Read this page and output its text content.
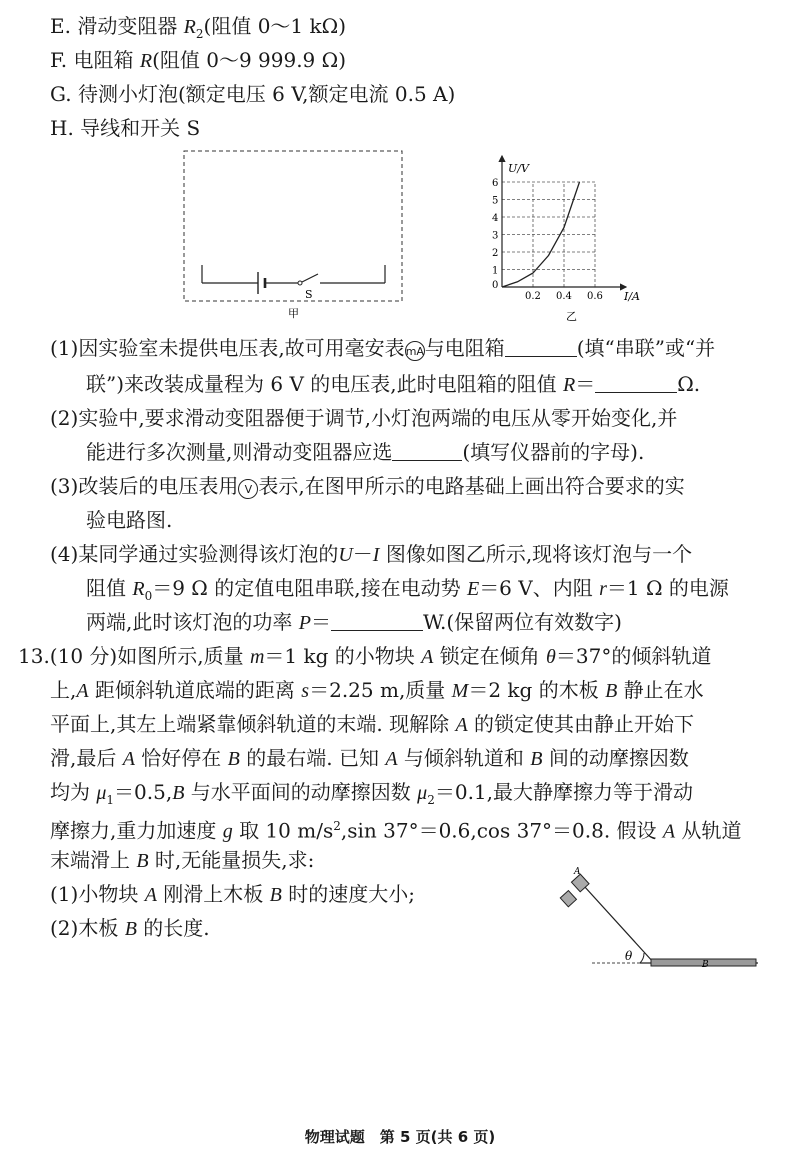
E. 滑动变阻器 $R_2$(阻值 0～1 kΩ)
F. 电阻箱 R(阻值 0～9 999.9 Ω)
G. 待测小灯泡(额定电压 6 V,额定电流 0.5 A)
H. 导线和开关 S
S
甲
0.2 0.4 0.6
0
1
2
3
4
5
6
U/V
I/A
乙
(1)因实验室未提供电压表,故可用毫安表mA与电阻箱	(填“串联”或“并
联”)来改装成量程为 6 V 的电压表,此时电阻箱的阻值 R＝	Ω.
(2)实验中,要求滑动变阻器便于调节,小灯泡两端的电压从零开始变化,并
能进行多次测量,则滑动变阻器应选	(填写仪器前的字母).
(3)改装后的电压表用 V 表示,在图甲所示的电路基础上画出符合要求的实
验电路图.
(4)某同学通过实验测得该灯泡的U－I 图像如图乙所示,现将该灯泡与一个
阻值 $R_0=9$ Ω 的定值电阻串联,接在电动势 E＝6 V、内阻 r＝1 Ω 的电源
两端,此时该灯泡的功率 P＝	W.(保留两位有效数字)
13.(10 分)如图所示,质量 m＝1 kg 的小物块 A 锁定在倾角 θ＝37°的倾斜轨道
上,A 距倾斜轨道底端的距离 s＝2.25 m,质量 M＝2 kg 的木板 B 静止在水
平面上,其左上端紧靠倾斜轨道的末端. 现解除 A 的锁定使其由静止开始下
滑,最后 A 恰好停在 B 的最右端. 已知 A 与倾斜轨道和 B 间的动摩擦因数
均为 $\mu_1=0.5,B$ 与水平面间的动摩擦因数 $\mu_2=0.1$,最大静摩擦力等于滑动
摩擦力,重力加速度 g 取 10 $m/s^2,\sin$ 37°＝0.6,cos 37°＝0.8. 假设 A 从轨道
末端滑上 B 时,无能量损失,求:
(1)小物块 A 刚滑上木板 B 时的速度大小;
(2)木板 B 的长度.
θ
A
B
物理试题　第 5 页(共 6 页)
